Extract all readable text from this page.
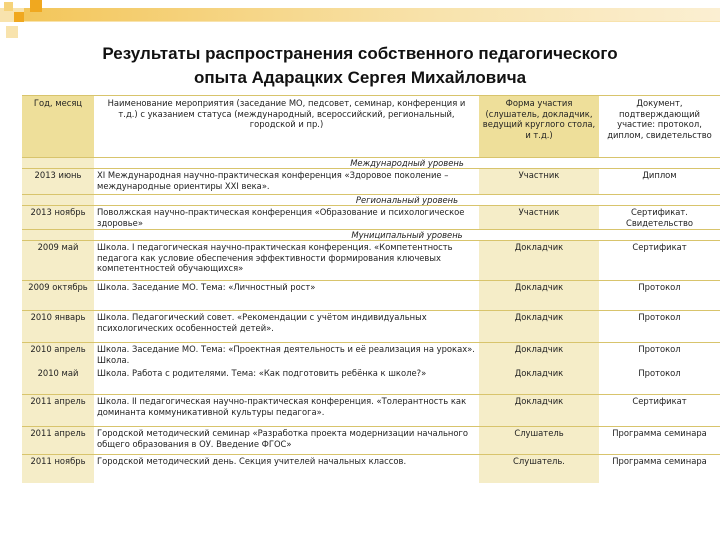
Результаты распространения собственного педагогического
опыта Адарацких Сергея Михайловича
Год, месяц	Наименование мероприятия (заседание МО, педсовет, семинар, конференция и т.д.) с указанием статуса (международный, всероссийский, региональный, городской и пр.)	Форма участия (слушатель, докладчик, ведущий круглого стола, и т.д.)	Документ, подтверждающий участие: протокол, диплом, свидетельство
	Международный уровень		
2013 июнь	XI Международная научно-практическая конференция «Здоровое поколение – международные ориентиры XXI века».	Участник	Диплом
	Региональный уровень		
2013 ноябрь	Поволжская научно-практическая конференция «Образование и психологическое здоровье»	Участник	Сертификат. Свидетельство
	Муниципальный уровень		
2009 май	Школа. I педагогическая научно-практическая конференция. «Компетентность педагога как условие обеспечения эффективности формирования ключевых компетентностей обучающихся»	Докладчик	Сертификат
2009 октябрь	Школа. Заседание МО. Тема: «Личностный рост»	Докладчик	Протокол
2010 январь	Школа. Педагогический совет. «Рекомендации с учётом индивидуальных психологических особенностей детей».	Докладчик	Протокол
2010 апрель	Школа. Заседание МО. Тема: «Проектная деятельность и её реализация на уроках». Школа.	Докладчик	Протокол
2010 май	Школа. Работа с родителями. Тема: «Как подготовить ребёнка к школе?»	Докладчик	Протокол
2011 апрель	Школа. II педагогическая научно-практическая конференция. «Толерантность как доминанта коммуникативной культуры педагога».	Докладчик	Сертификат
2011 апрель	Городской методический семинар «Разработка проекта модернизации начального общего образования в ОУ. Введение ФГОС»	Слушатель	Программа семинара
2011 ноябрь	Городской методический день. Секция учителей начальных классов.	Слушатель.	Программа семинара
